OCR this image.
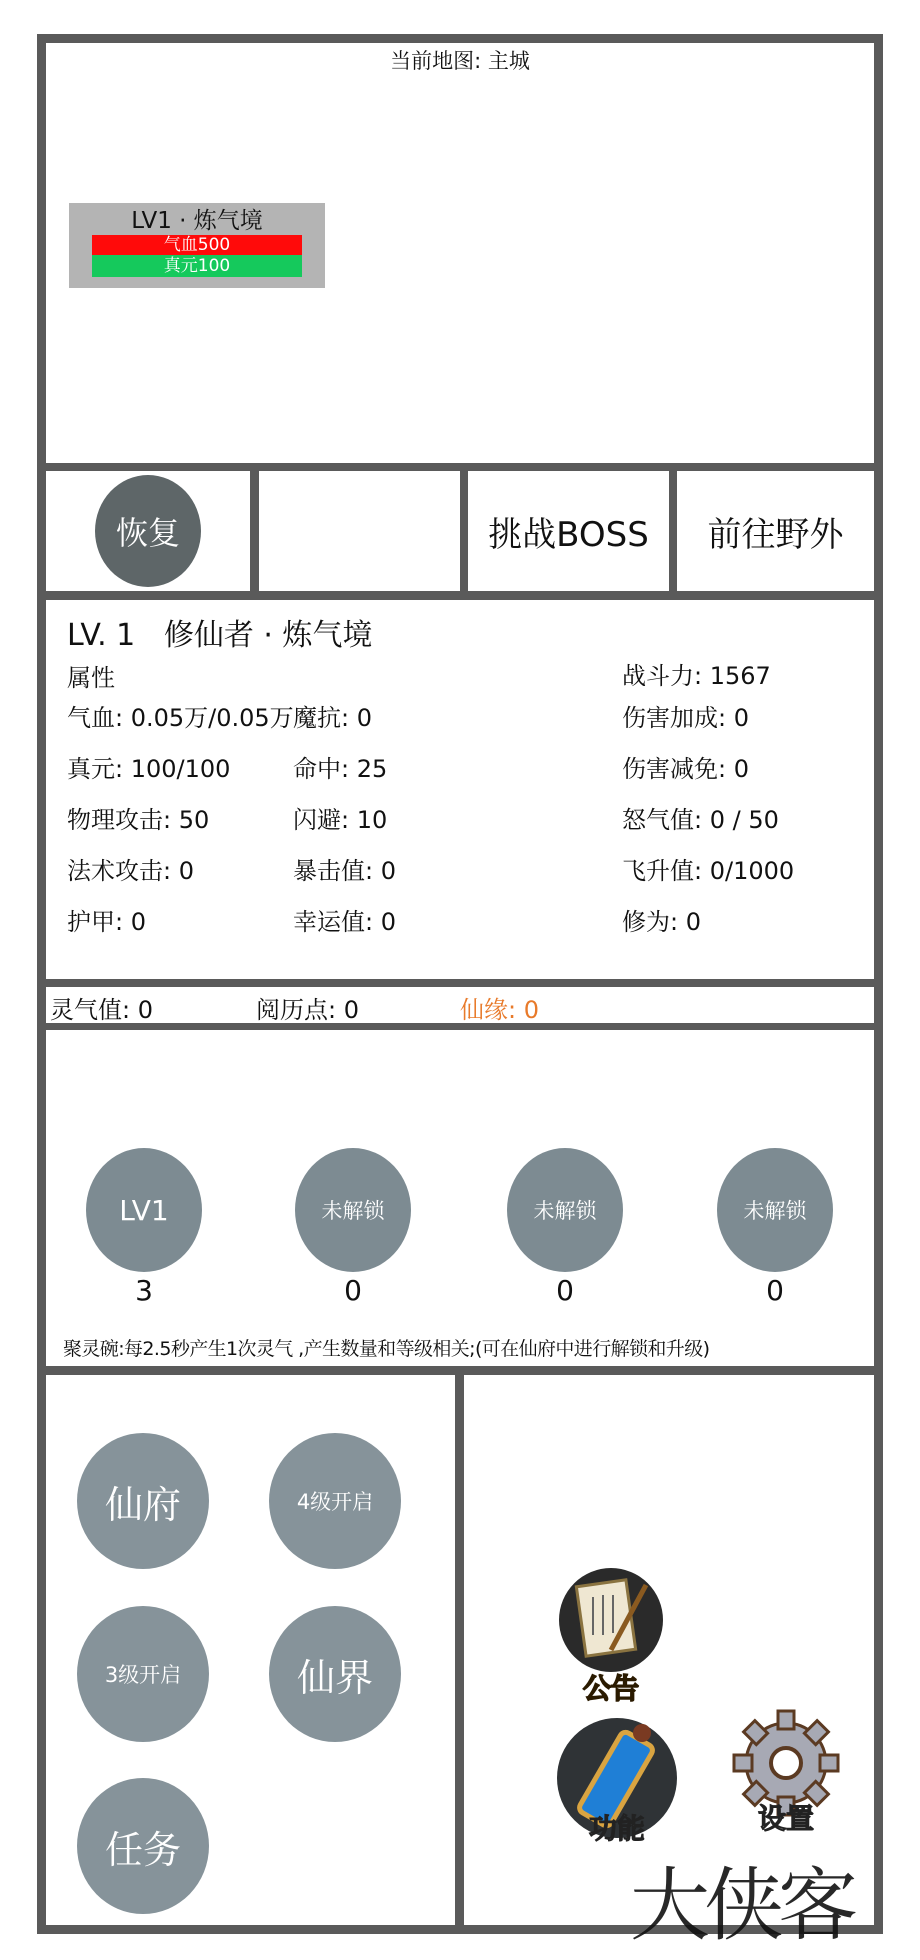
当前地图: 主城
LV1 · 炼气境
气血500
真元100
恢复	挑战BOSS	前往野外
LV. 1   修仙者 · 炼气境
属性	战斗力: 1567
气血: 0.05万/0.05万 魔抗: 0	伤害加成: 0
真元: 100/100	命中: 25	伤害减免: 0
物理攻击: 50	闪避: 10	怒气值: 0 / 50
法术攻击: 0	暴击值: 0	飞升值: 0/1000
护甲: 0	幸运值: 0	修为: 0
灵气值: 0	阅历点: 0	仙缘: 0
LV1
3
未解锁
0
未解锁
0
未解锁
0
聚灵碗:每2.5秒产生1次灵气 ,产生数量和等级相关;(可在仙府中进行解锁和升级)
仙府	4级开启
3级开启	仙界
任务
公告
功能	设置
大侠客
